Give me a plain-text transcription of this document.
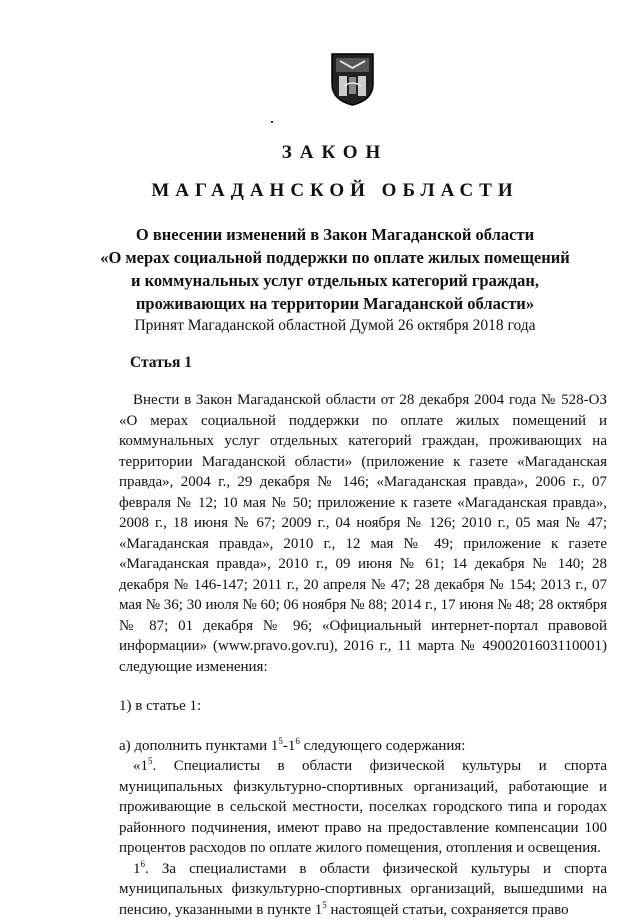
ЗАКОН
МАГАДАНСКОЙ ОБЛАСТИ
О внесении изменений в Закон Магаданской области
«О мерах социальной поддержки по оплате жилых помещений
и коммунальных услуг отдельных категорий граждан,
проживающих на территории Магаданской области»
Принят Магаданской областной Думой 26 октября 2018 года
Статья 1

Внести в Закон Магаданской области от 28 декабря 2004 года № 528-ОЗ «О мерах социальной поддержки по оплате жилых помещений и коммунальных услуг отдельных категорий граждан, проживающих на территории Магаданской области» (приложение к газете «Магаданская правда», 2004 г., 29 декабря № 146; «Магаданская правда», 2006 г., 07 февраля № 12; 10 мая № 50; приложение к газете «Магаданская правда», 2008 г., 18 июня № 67; 2009 г., 04 ноября № 126; 2010 г., 05 мая № 47; «Магаданская правда», 2010 г., 12 мая № 49; приложение к газете «Магаданская правда», 2010 г., 09 июня № 61; 14 декабря № 140; 28 декабря № 146-147; 2011 г., 20 апреля № 47; 28 декабря № 154; 2013 г., 07 мая № 36; 30 июля № 60; 06 ноября № 88; 2014 г., 17 июня № 48; 28 октября № 87; 01 декабря № 96; «Официальный интернет-портал правовой информации» (www.pravo.gov.ru), 2016 г., 11 марта № 4900201603110001) следующие изменения:

1) в статье 1:

а) дополнить пунктами $1^5-1^6$ следующего содержания:

«$1^5$. Специалисты в области физической культуры и спорта муниципальных физкультурно-спортивных организаций, работающие и проживающие в сельской местности, поселках городского типа и городах районного подчинения, имеют право на предоставление компенсации 100 процентов расходов по оплате жилого помещения, отопления и освещения.

$1^6$. За специалистами в области физической культуры и спорта муниципальных физкультурно-спортивных организаций, вышедшими на пенсию, указанными в пункте $1^5$ настоящей статьи, сохраняется право
